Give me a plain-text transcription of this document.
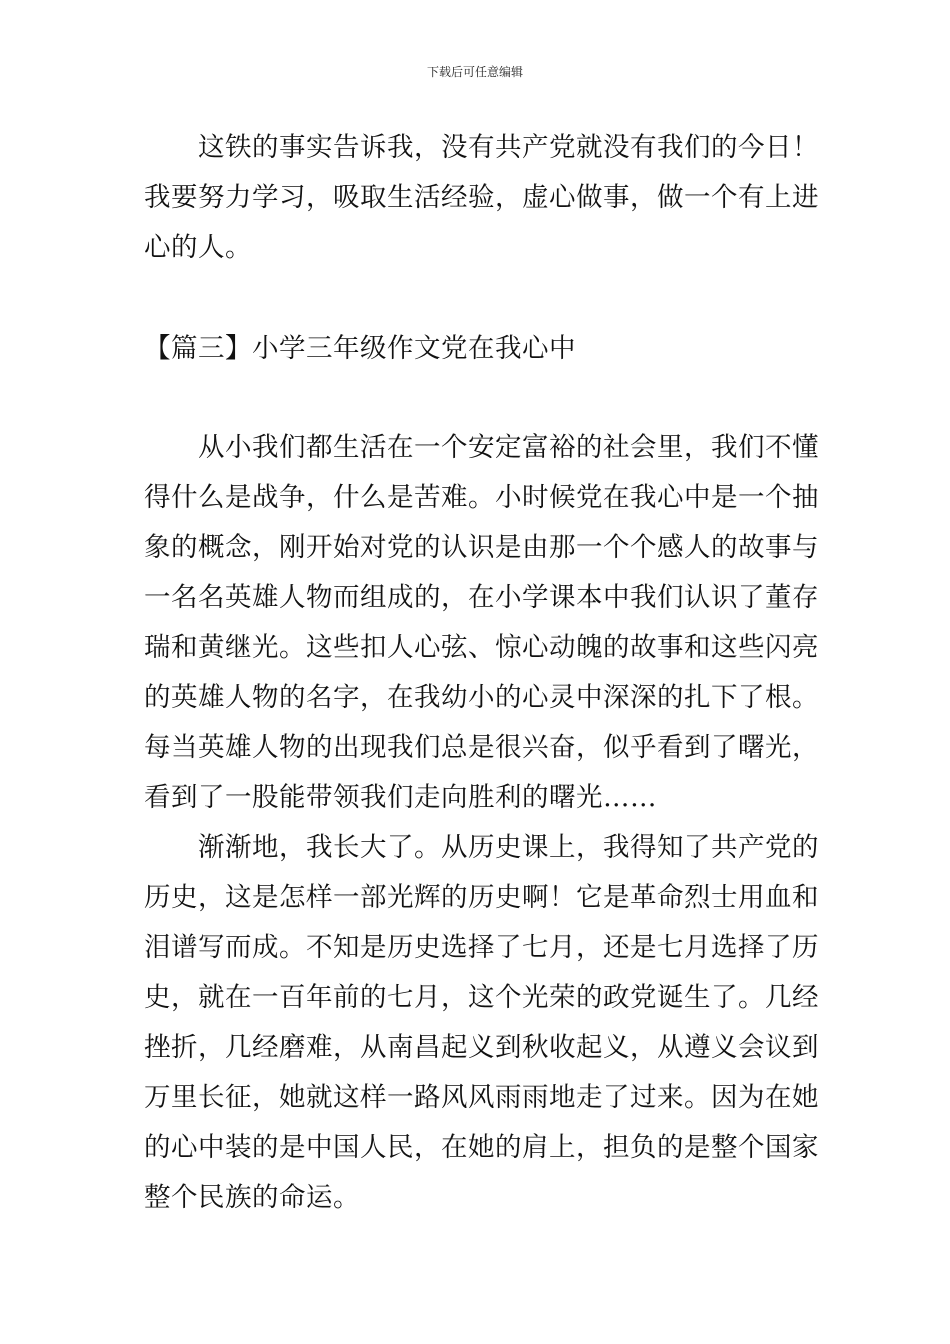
下载后可任意编辑
　　这铁的事实告诉我，没有共产党就没有我们的今日！
我要努力学习，吸取生活经验，虚心做事，做一个有上进
心的人。
【篇三】小学三年级作文党在我心中
　　从小我们都生活在一个安定富裕的社会里，我们不懂
得什么是战争，什么是苦难。小时候党在我心中是一个抽
象的概念，刚开始对党的认识是由那一个个感人的故事与
一名名英雄人物而组成的，在小学课本中我们认识了董存
瑞和黄继光。这些扣人心弦、惊心动魄的故事和这些闪亮
的英雄人物的名字，在我幼小的心灵中深深的扎下了根。
每当英雄人物的出现我们总是很兴奋，似乎看到了曙光，
看到了一股能带领我们走向胜利的曙光……
　　渐渐地，我长大了。从历史课上，我得知了共产党的
历史，这是怎样一部光辉的历史啊！它是革命烈士用血和
泪谱写而成。不知是历史选择了七月，还是七月选择了历
史，就在一百年前的七月，这个光荣的政党诞生了。几经
挫折，几经磨难，从南昌起义到秋收起义，从遵义会议到
万里长征，她就这样一路风风雨雨地走了过来。因为在她
的心中装的是中国人民，在她的肩上，担负的是整个国家
整个民族的命运。
